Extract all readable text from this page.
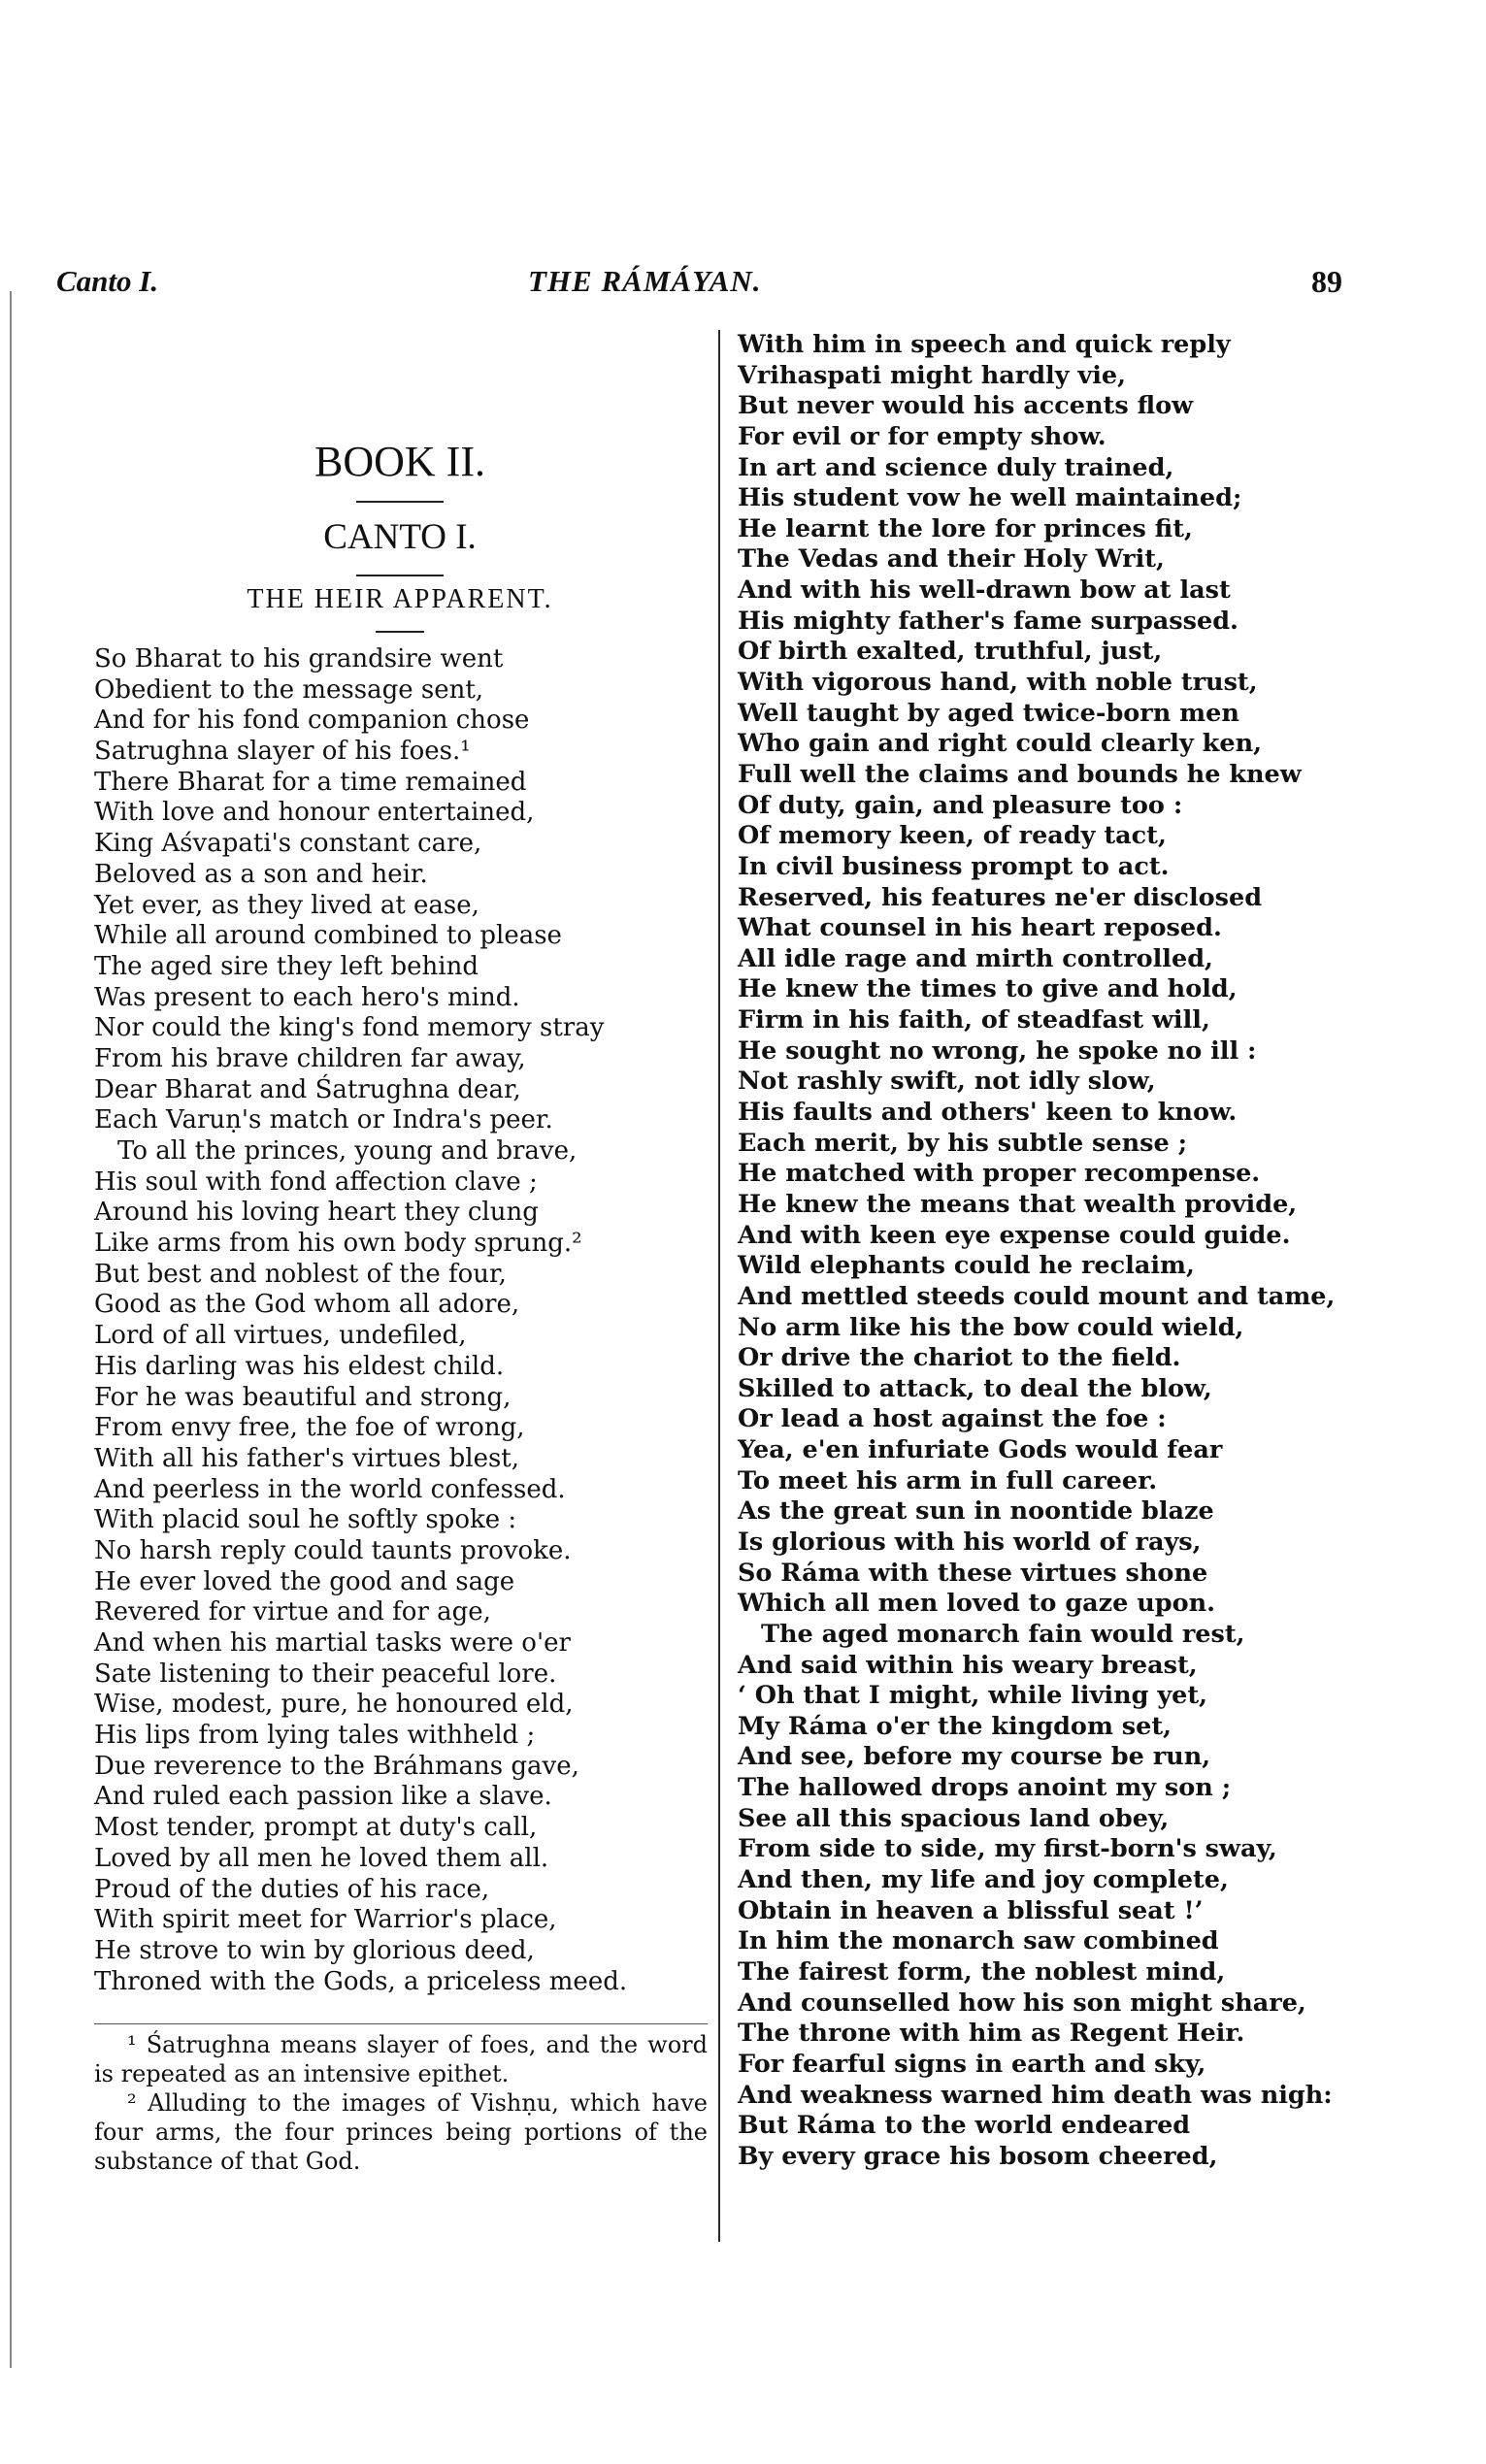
Canto I.	THE RÁMÁYAN.	89
BOOK II.
CANTO I.
THE HEIR APPARENT.
So Bharat to his grandsire went
Obedient to the message sent,
And for his fond companion chose
Satrughna slayer of his foes.¹
There Bharat for a time remained
With love and honour entertained,
King Aśvapati's constant care,
Beloved as a son and heir.
Yet ever, as they lived at ease,
While all around combined to please
The aged sire they left behind
Was present to each hero's mind.
Nor could the king's fond memory stray
From his brave children far away,
Dear Bharat and Śatrughna dear,
Each Varuṇ's match or Indra's peer.
To all the princes, young and brave,
His soul with fond affection clave ;
Around his loving heart they clung
Like arms from his own body sprung.²
But best and noblest of the four,
Good as the God whom all adore,
Lord of all virtues, undefiled,
His darling was his eldest child.
For he was beautiful and strong,
From envy free, the foe of wrong,
With all his father's virtues blest,
And peerless in the world confessed.
With placid soul he softly spoke :
No harsh reply could taunts provoke.
He ever loved the good and sage
Revered for virtue and for age,
And when his martial tasks were o'er
Sate listening to their peaceful lore.
Wise, modest, pure, he honoured eld,
His lips from lying tales withheld ;
Due reverence to the Bráhmans gave,
And ruled each passion like a slave.
Most tender, prompt at duty's call,
Loved by all men he loved them all.
Proud of the duties of his race,
With spirit meet for Warrior's place,
He strove to win by glorious deed,
Throned with the Gods, a priceless meed.

¹ Śatrughna means slayer of foes, and the word is repeated as an intensive epithet.

² Alluding to the images of Vishṇu, which have four arms, the four princes being portions of the substance of that God.

With him in speech and quick reply
Vrihaspati might hardly vie,
But never would his accents flow
For evil or for empty show.
In art and science duly trained,
His student vow he well maintained;
He learnt the lore for princes fit,
The Vedas and their Holy Writ,
And with his well-drawn bow at last
His mighty father's fame surpassed.
Of birth exalted, truthful, just,
With vigorous hand, with noble trust,
Well taught by aged twice-born men
Who gain and right could clearly ken,
Full well the claims and bounds he knew
Of duty, gain, and pleasure too :
Of memory keen, of ready tact,
In civil business prompt to act.
Reserved, his features ne'er disclosed
What counsel in his heart reposed.
All idle rage and mirth controlled,
He knew the times to give and hold,
Firm in his faith, of steadfast will,
He sought no wrong, he spoke no ill :
Not rashly swift, not idly slow,
His faults and others' keen to know.
Each merit, by his subtle sense ;
He matched with proper recompense.
He knew the means that wealth provide,
And with keen eye expense could guide.
Wild elephants could he reclaim,
And mettled steeds could mount and tame,
No arm like his the bow could wield,
Or drive the chariot to the field.
Skilled to attack, to deal the blow,
Or lead a host against the foe :
Yea, e'en infuriate Gods would fear
To meet his arm in full career.
As the great sun in noontide blaze
Is glorious with his world of rays,
So Ráma with these virtues shone
Which all men loved to gaze upon.
The aged monarch fain would rest,
And said within his weary breast,
‘ Oh that I might, while living yet,
My Ráma o'er the kingdom set,
And see, before my course be run,
The hallowed drops anoint my son ;
See all this spacious land obey,
From side to side, my first-born's sway,
And then, my life and joy complete,
Obtain in heaven a blissful seat !’
In him the monarch saw combined
The fairest form, the noblest mind,
And counselled how his son might share,
The throne with him as Regent Heir.
For fearful signs in earth and sky,
And weakness warned him death was nigh:
But Ráma to the world endeared
By every grace his bosom cheered,
